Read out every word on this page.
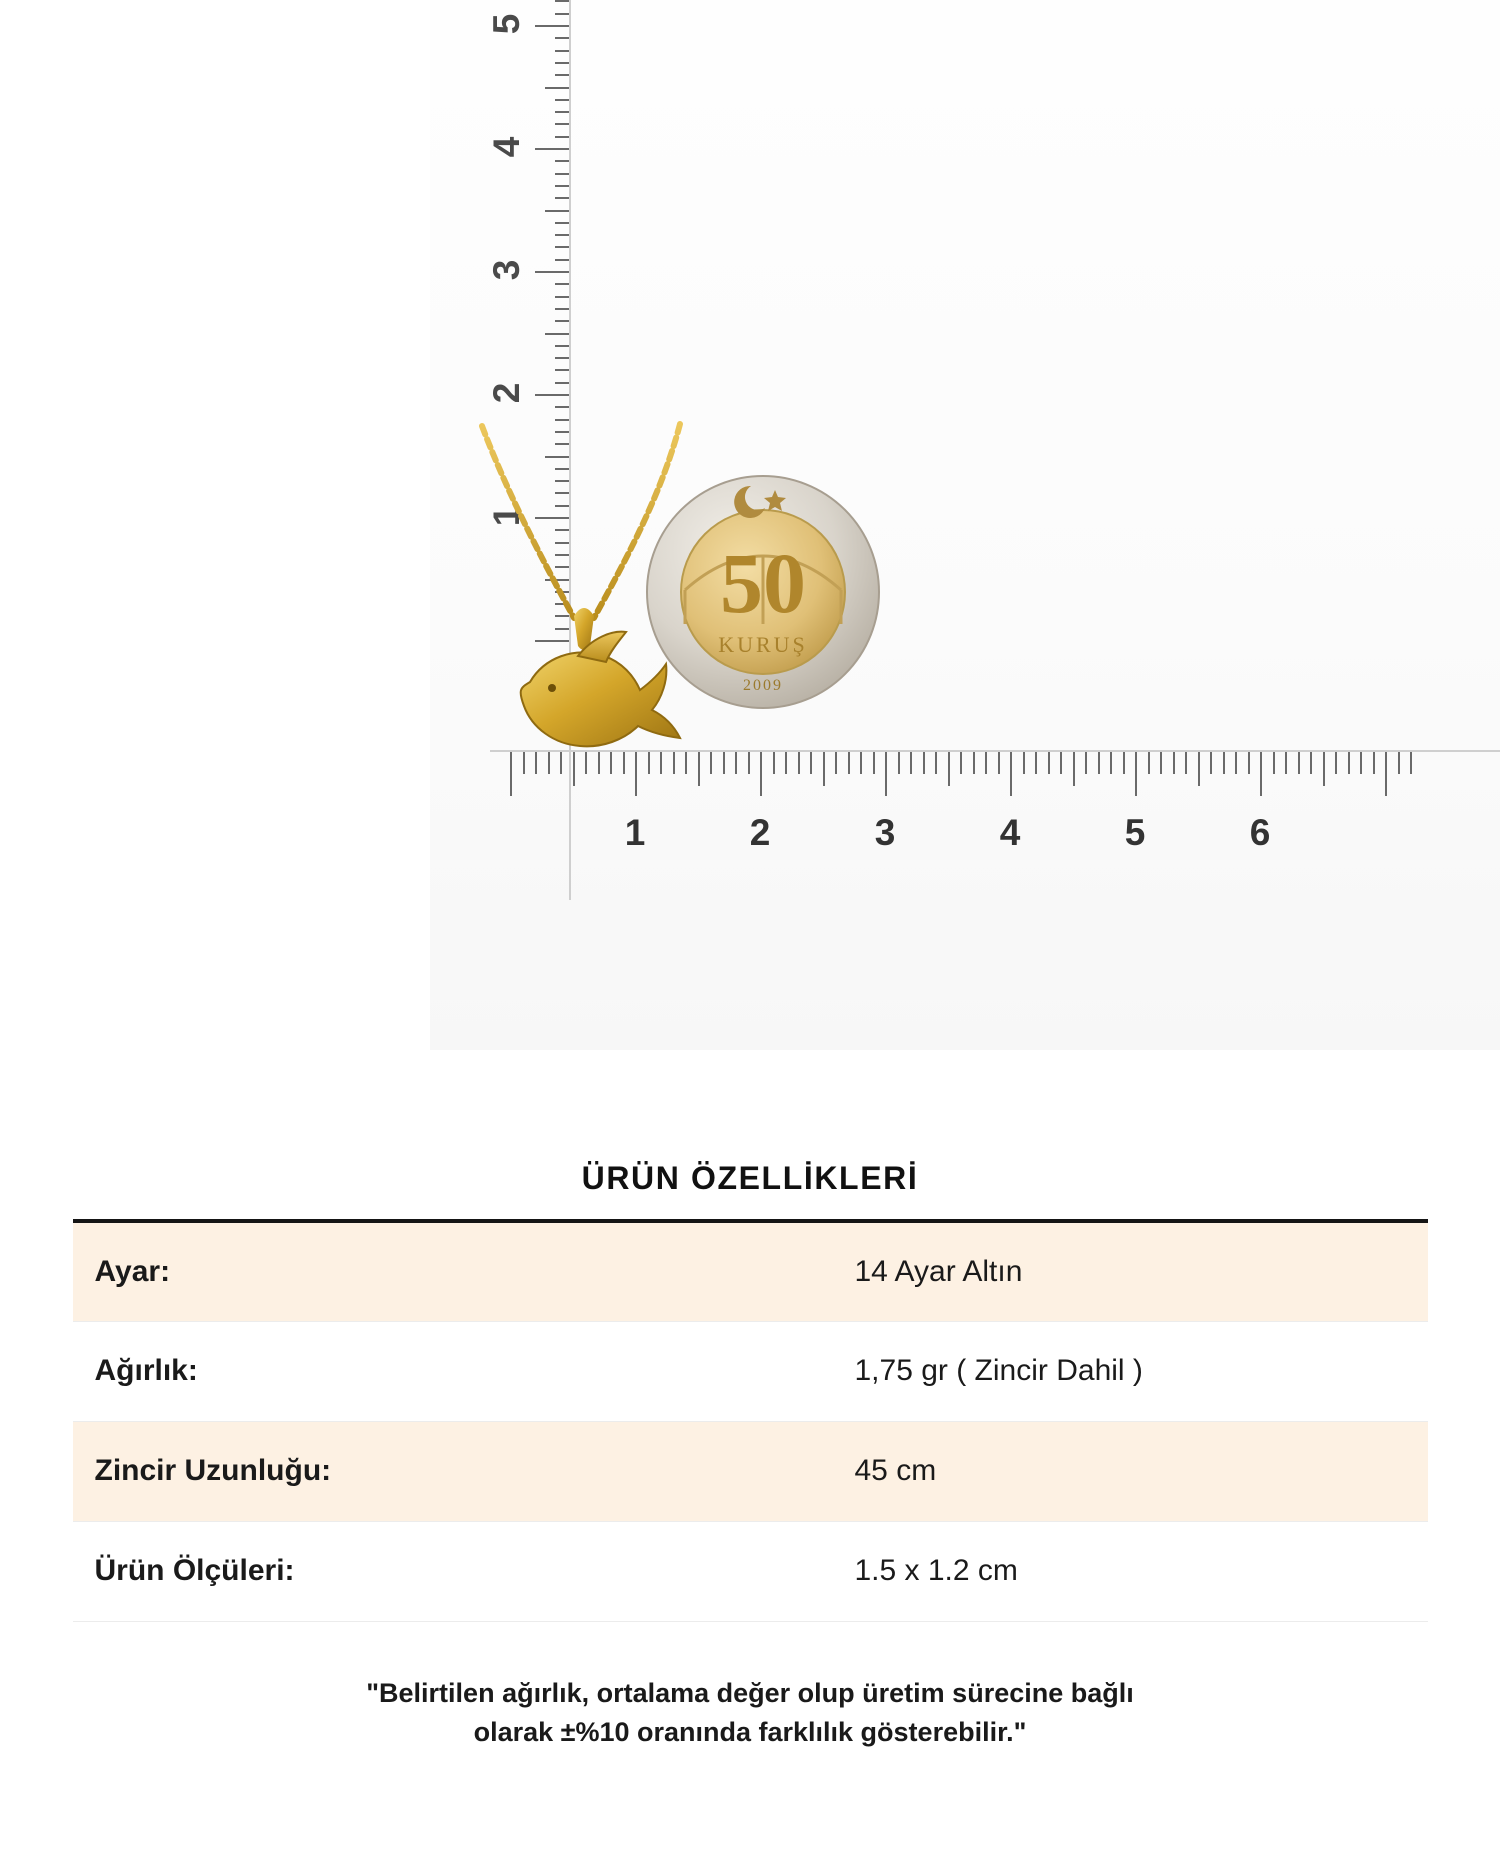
1
2
3
4
5
50
KURUŞ
2009
1	2	3	4	5	6
ÜRÜN ÖZELLİKLERİ
Ayar:	14 Ayar Altın
Ağırlık:	1,75 gr ( Zincir Dahil )
Zincir Uzunluğu:	45 cm
Ürün Ölçüleri:	1.5 x 1.2 cm
"Belirtilen ağırlık, ortalama değer olup üretim sürecine bağlı
olarak ±%10 oranında farklılık gösterebilir."
